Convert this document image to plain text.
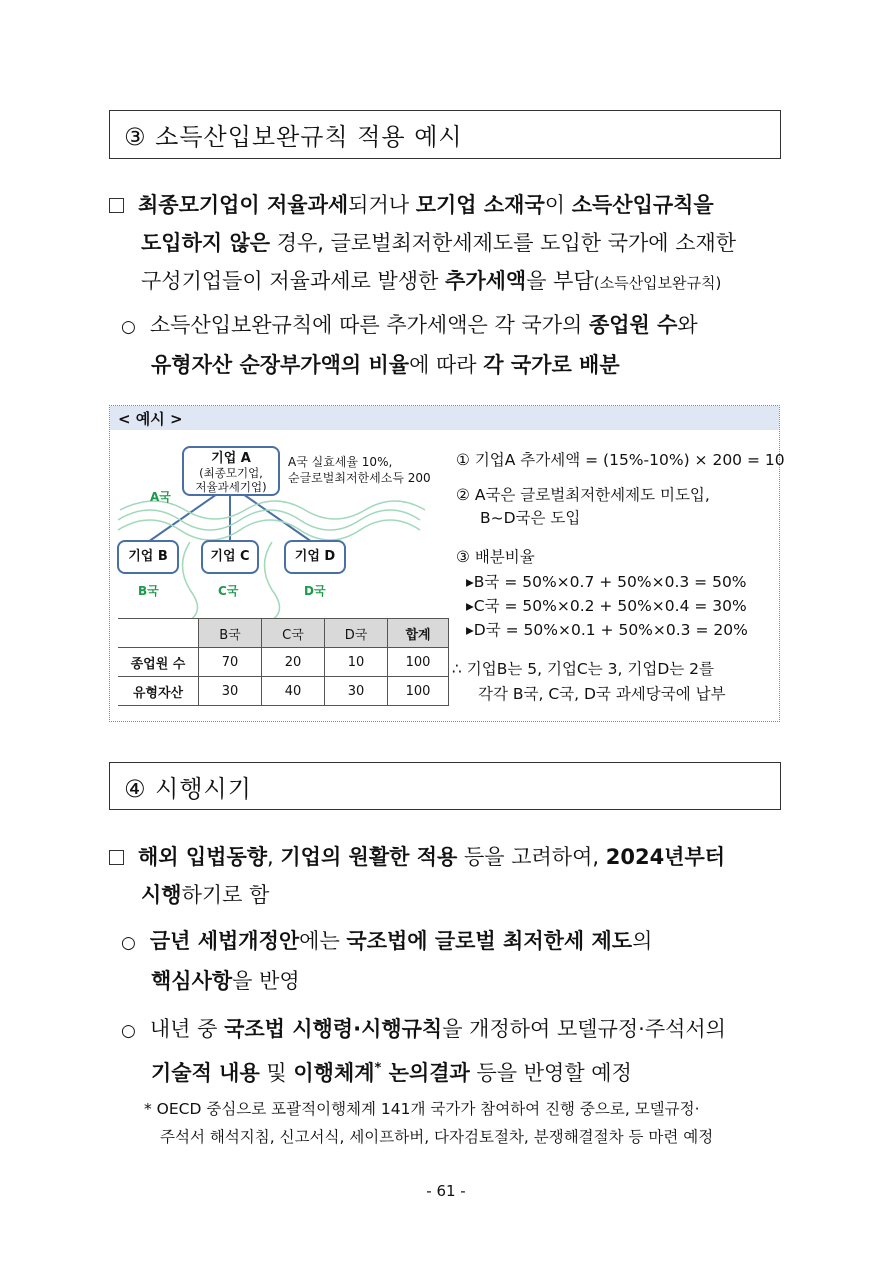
③ 소득산입보완규칙 적용 예시
최종모기업이 저율과세되거나 모기업 소재국이 소득산입규칙을
도입하지 않은 경우, 글로벌최저한세제도를 도입한 국가에 소재한
구성기업들이 저율과세로 발생한 추가세액을 부담(소득산입보완규칙)
○ 소득산입보완규칙에 따른 추가세액은 각 국가의 종업원 수와
유형자산 순장부가액의 비율에 따라 각 국가로 배분
< 예시 >
기업 A
(최종모기업,
저율과세기업)
A국 실효세율 10%,
순글로벌최저한세소득 200
A국
기업 B	기업 C	기업 D
B국	C국	D국
	B국	C국	D국	합계
종업원 수	70	20	10	100
유형자산	30	40	30	100
① 기업A 추가세액 = (15%-10%) × 200 = 10
② A국은 글로벌최저한세제도 미도입,
B~D국은 도입
③ 배분비율
▸B국 = 50%×0.7 + 50%×0.3 = 50%
▸C국 = 50%×0.2 + 50%×0.4 = 30%
▸D국 = 50%×0.1 + 50%×0.3 = 20%
∴ 기업B는 5, 기업C는 3, 기업D는 2를
각각 B국, C국, D국 과세당국에 납부
④ 시행시기
해외 입법동향, 기업의 원활한 적용 등을 고려하여, 2024년부터
시행하기로 함
○ 금년 세법개정안에는 국조법에 글로벌 최저한세 제도의
핵심사항을 반영
○ 내년 중 국조법 시행령·시행규칙을 개정하여 모델규정·주석서의
기술적 내용 및 이행체계* 논의결과 등을 반영할 예정
* OECD 중심으로 포괄적이행체계 141개 국가가 참여하여 진행 중으로, 모델규정·
주석서 해석지침, 신고서식, 세이프하버, 다자검토절차, 분쟁해결절차 등 마련 예정
- 61 -
